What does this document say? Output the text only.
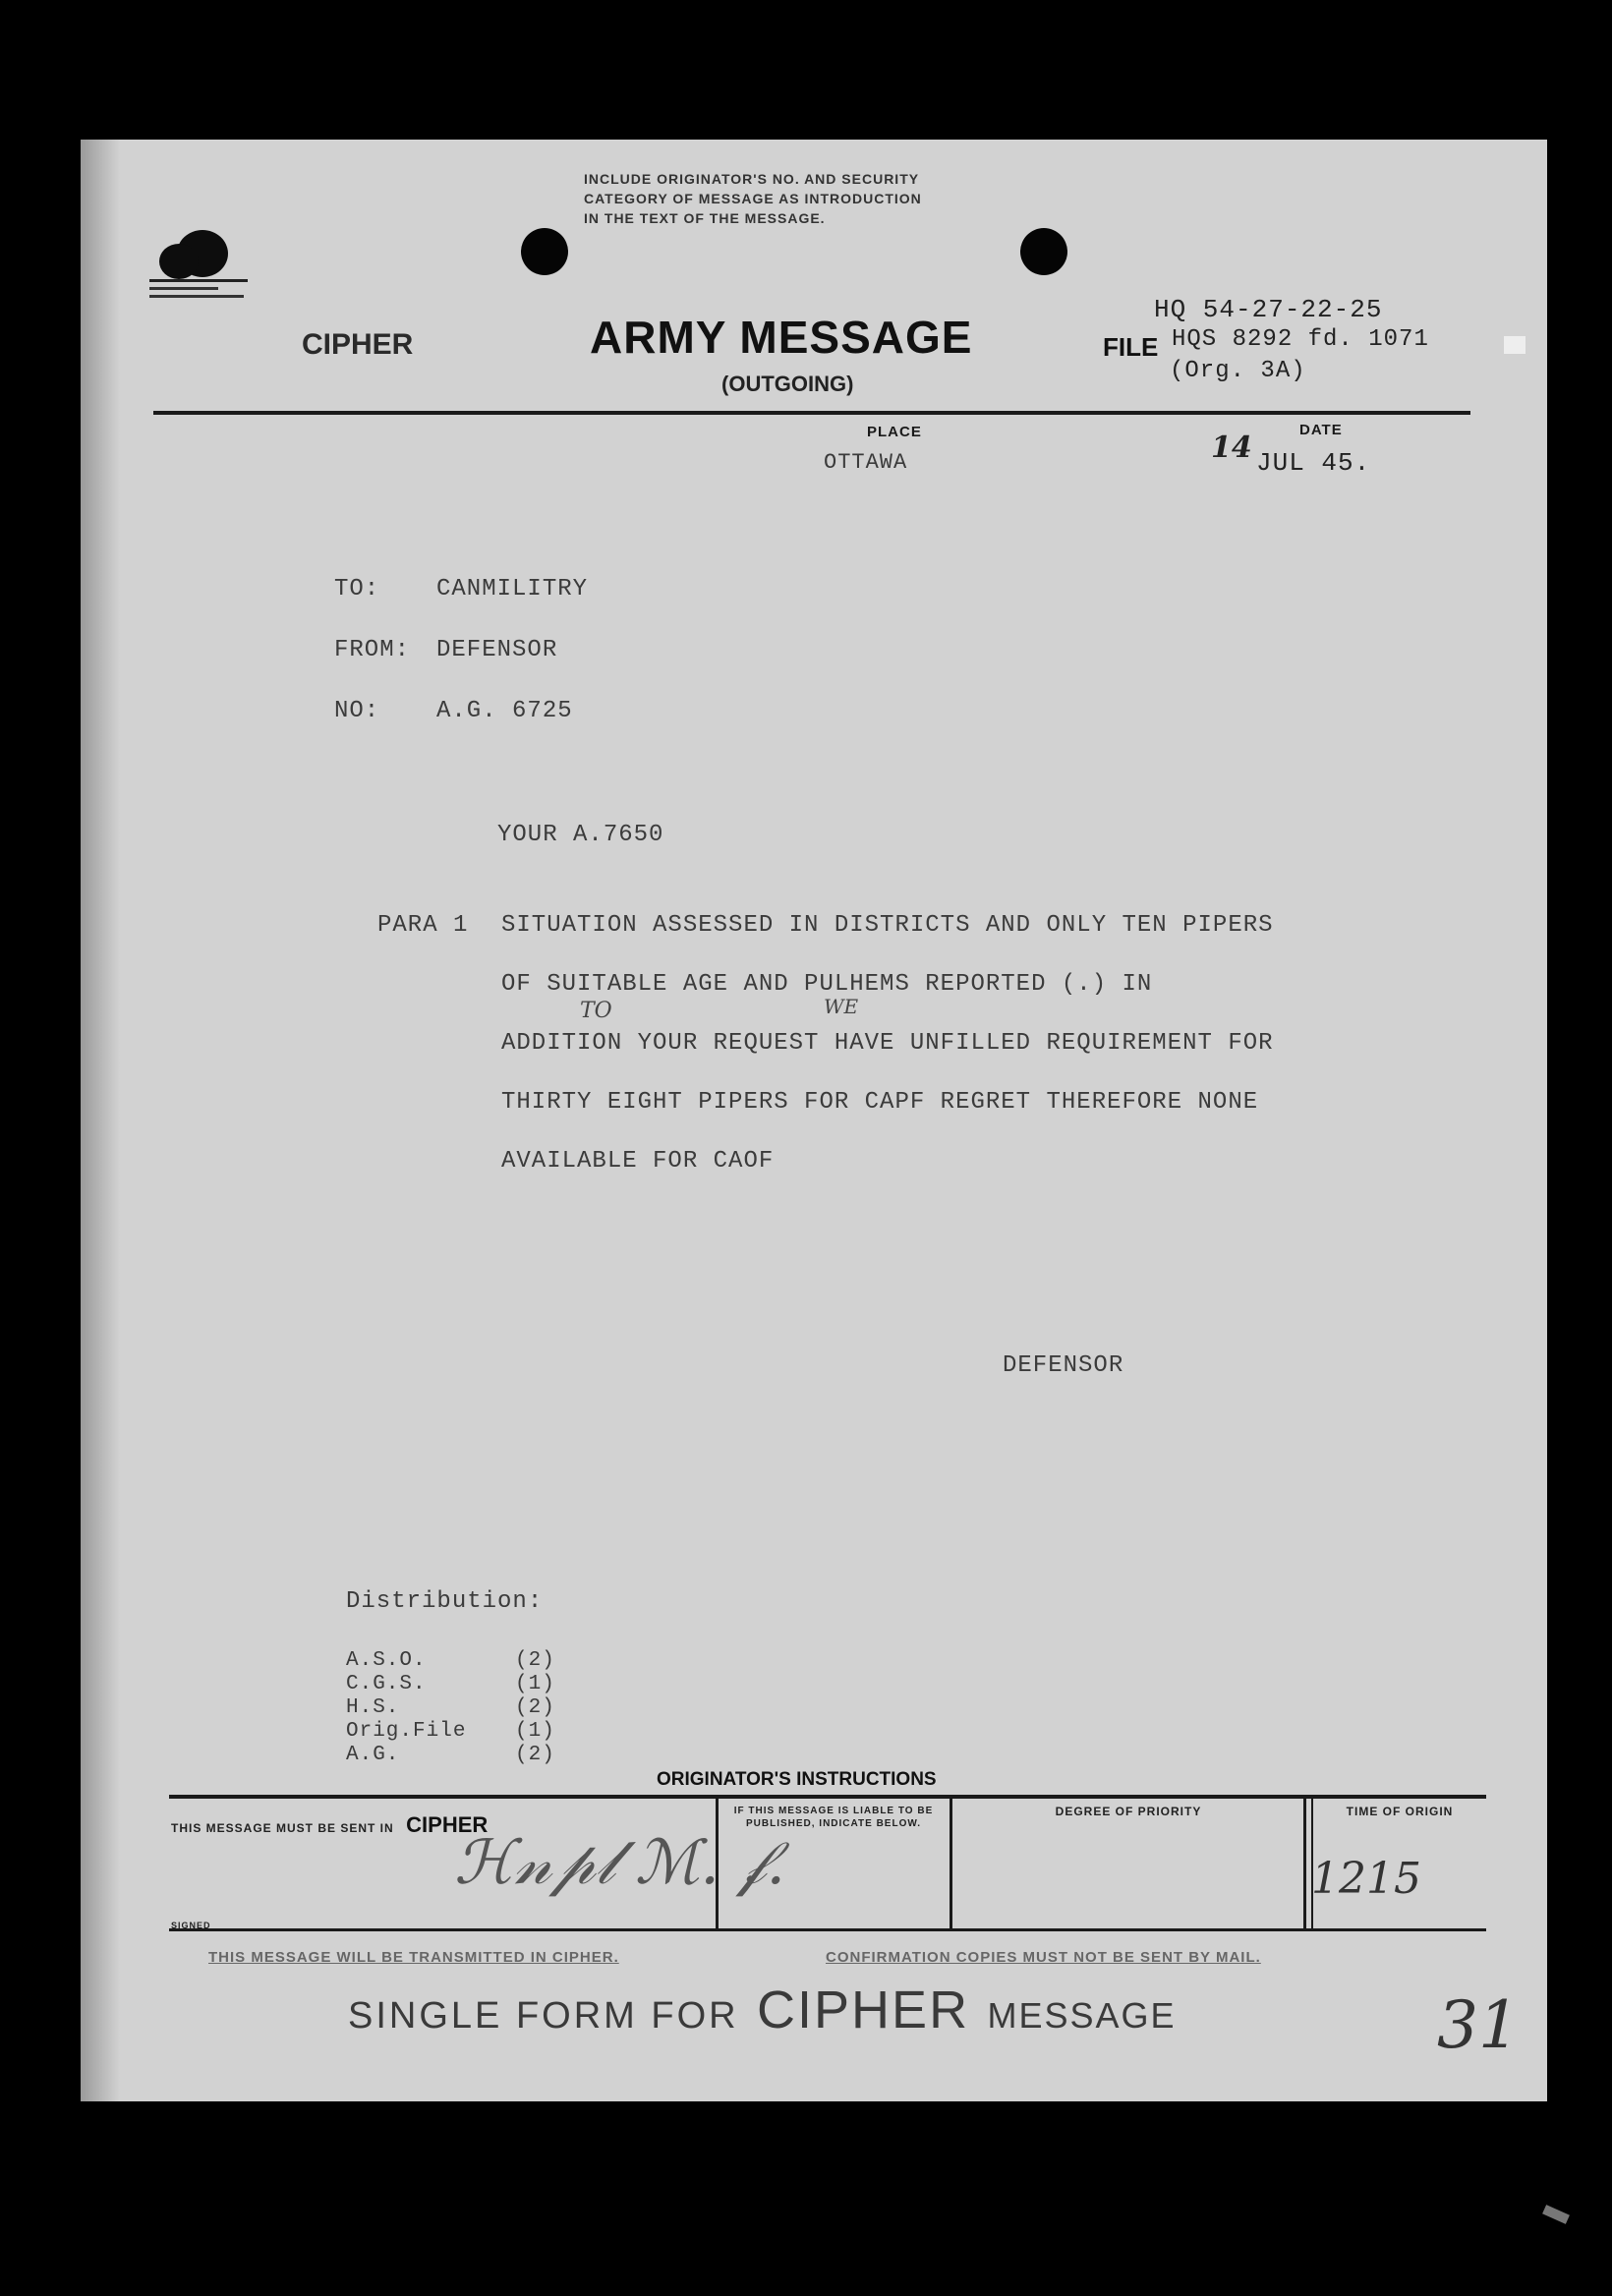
INCLUDE ORIGINATOR'S NO. AND SECURITY
CATEGORY OF MESSAGE AS INTRODUCTION
IN THE TEXT OF THE MESSAGE.
CIPHER	ARMY MESSAGE
(OUTGOING)
HQ 54-27-22-25
FILE HQS 8292 fd. 1071
(Org. 3A)
PLACE
OTTAWA
DATE
14 JUL 45.
TO: CANMILITRY
FROM: DEFENSOR
NO: A.G. 6725
YOUR A.7650
PARA 1 SITUATION ASSESSED IN DISTRICTS AND ONLY TEN PIPERS
OF SUITABLE AGE AND PULHEMS REPORTED (.) IN
TO	WE
ADDITION YOUR REQUEST HAVE UNFILLED REQUIREMENT FOR
THIRTY EIGHT PIPERS FOR CAPF REGRET THEREFORE NONE
AVAILABLE FOR CAOF
DEFENSOR
Distribution:
A.S.O.	(2)
C.G.S.	(1)
H.S.	(2)
Orig.File (1)
A.G.	(2)
ORIGINATOR'S INSTRUCTIONS
THIS MESSAGE MUST BE SENT IN CIPHER
SIGNED
ℋ𝓃𝓅𝓁 ℳ. 𝒻.
IF THIS MESSAGE IS LIABLE TO BE PUBLISHED, INDICATE BELOW.
DEGREE OF PRIORITY	TIME OF ORIGIN
1215
THIS MESSAGE WILL BE TRANSMITTED IN CIPHER.	CONFIRMATION COPIES MUST NOT BE SENT BY MAIL.
SINGLE FORM FOR CIPHER MESSAGE	31
